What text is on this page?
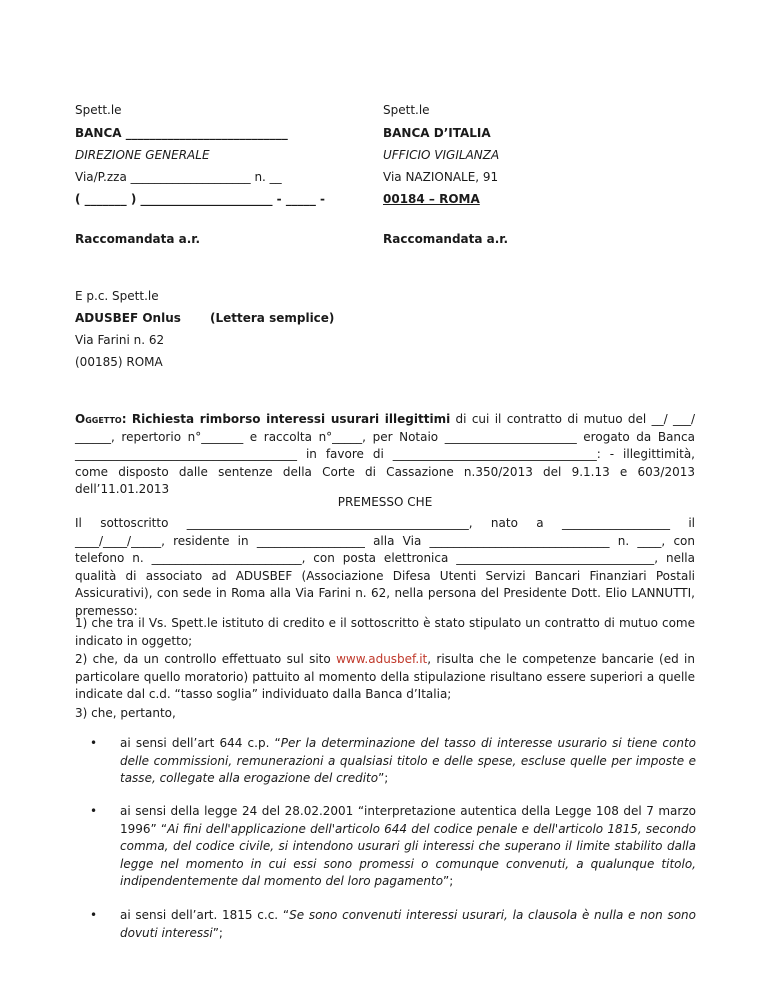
Spett.le
BANCA ___________________________
DIREZIONE GENERALE
Via/P.zza ____________________ n. __
( _______ ) ______________________ - _____ -
Raccomandata a.r.
Spett.le
BANCA D’ITALIA
UFFICIO VIGILANZA
Via NAZIONALE, 91
00184 – ROMA
Raccomandata a.r.
E p.c. Spett.le
ADUSBEF Onlus (Lettera semplice)
Via Farini n. 62
(00185) ROMA
Oggetto: Richiesta rimborso interessi usurari illegittimi di cui il contratto di mutuo del __/ ___/ ______, repertorio n°_______ e raccolta n°_____, per Notaio ______________________ erogato da Banca _____________________________________ in favore di __________________________________: - illegittimità, come disposto dalle sentenze della Corte di Cassazione n.350/2013 del 9.1.13 e 603/2013 dell’11.01.2013
PREMESSO CHE
Il sottoscritto _______________________________________________, nato a __________________ il ____/____/_____, residente in __________________ alla Via ______________________________ n. ____, con telefono n. _________________________, con posta elettronica _________________________________, nella qualità di associato ad ADUSBEF (Associazione Difesa Utenti Servizi Bancari Finanziari Postali Assicurativi), con sede in Roma alla Via Farini n. 62, nella persona del Presidente Dott. Elio LANNUTTI, premesso:
1) che tra il Vs. Spett.le istituto di credito e il sottoscritto è stato stipulato un contratto di mutuo come indicato in oggetto;
2) che, da un controllo effettuato sul sito www.adusbef.it, risulta che le competenze bancarie (ed in particolare quello moratorio) pattuito al momento della stipulazione risultano essere superiori a quelle indicate dal c.d. “tasso soglia” individuato dalla Banca d’Italia;
3) che, pertanto,
•	ai sensi dell’art 644 c.p. “Per la determinazione del tasso di interesse usurario si tiene conto delle commissioni, remunerazioni a qualsiasi titolo e delle spese, escluse quelle per imposte e tasse, collegate alla erogazione del credito”;
•	ai sensi della legge 24 del 28.02.2001 “interpretazione autentica della Legge 108 del 7 marzo 1996” “Ai fini dell'applicazione dell'articolo 644 del codice penale e dell'articolo 1815, secondo comma, del codice civile, si intendono usurari gli interessi che superano il limite stabilito dalla legge nel momento in cui essi sono promessi o comunque convenuti, a qualunque titolo, indipendentemente dal momento del loro pagamento”;
•	ai sensi dell’art. 1815 c.c. “Se sono convenuti interessi usurari, la clausola è nulla e non sono dovuti interessi”;
